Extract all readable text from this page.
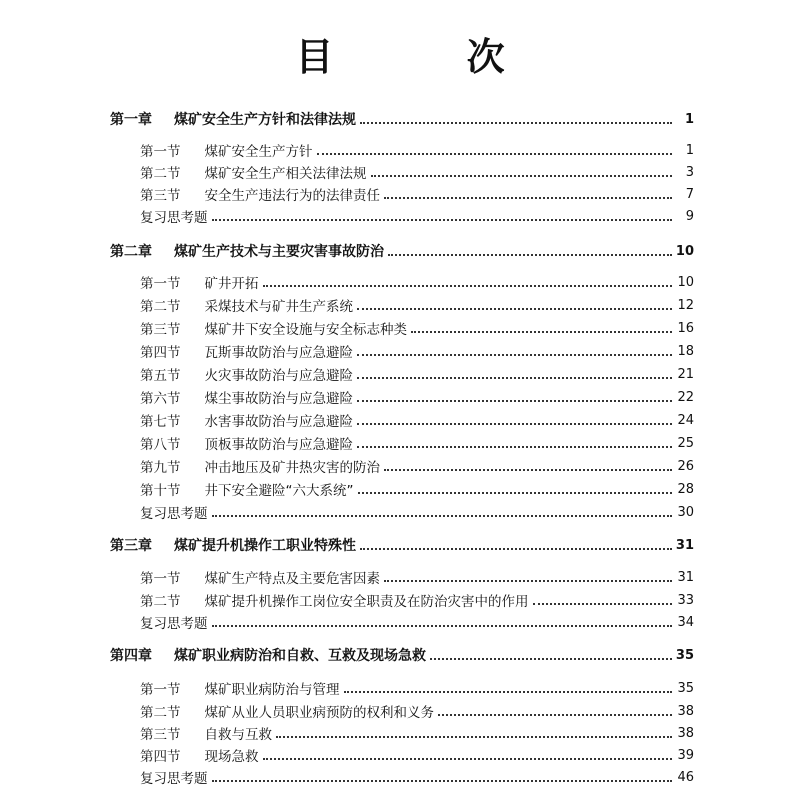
目 次
第一章 煤矿安全生产方针和法律法规	1
第一节 煤矿安全生产方针	1
第二节 煤矿安全生产相关法律法规	3
第三节 安全生产违法行为的法律责任	7
复习思考题	9
第二章 煤矿生产技术与主要灾害事故防治	10
第一节 矿井开拓	10
第二节 采煤技术与矿井生产系统	12
第三节 煤矿井下安全设施与安全标志种类	16
第四节 瓦斯事故防治与应急避险	18
第五节 火灾事故防治与应急避险	21
第六节 煤尘事故防治与应急避险	22
第七节 水害事故防治与应急避险	24
第八节 顶板事故防治与应急避险	25
第九节 冲击地压及矿井热灾害的防治	26
第十节 井下安全避险“六大系统”	28
复习思考题	30
第三章 煤矿提升机操作工职业特殊性	31
第一节 煤矿生产特点及主要危害因素	31
第二节 煤矿提升机操作工岗位安全职责及在防治灾害中的作用	33
复习思考题	34
第四章 煤矿职业病防治和自救、互救及现场急救	35
第一节 煤矿职业病防治与管理	35
第二节 煤矿从业人员职业病预防的权利和义务	38
第三节 自救与互救	38
第四节 现场急救	39
复习思考题	46
